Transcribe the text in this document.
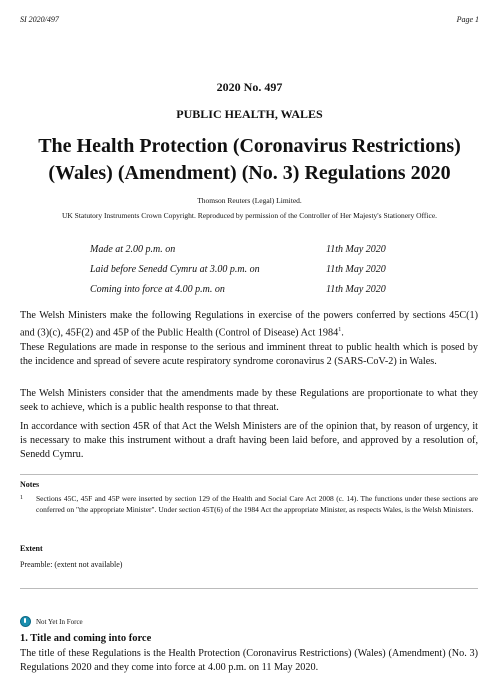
SI 2020/497	Page 1
2020 No. 497
PUBLIC HEALTH, WALES
The Health Protection (Coronavirus Restrictions)
(Wales) (Amendment) (No. 3) Regulations 2020
Thomson Reuters (Legal) Limited.
UK Statutory Instruments Crown Copyright. Reproduced by permission of the Controller of Her Majesty's Stationery Office.
Made at 2.00 p.m. on	11th May 2020
Laid before Senedd Cymru at 3.00 p.m. on	11th May 2020
Coming into force at 4.00 p.m. on	11th May 2020

The Welsh Ministers make the following Regulations in exercise of the powers conferred by sections 45C(1) and (3)(c), 45F(2) and 45P of the Public Health (Control of Disease) Act 1984$^1$.

These Regulations are made in response to the serious and imminent threat to public health which is posed by the incidence and spread of severe acute respiratory syndrome coronavirus 2 (SARS-CoV-2) in Wales.

The Welsh Ministers consider that the amendments made by these Regulations are proportionate to what they seek to achieve, which is a public health response to that threat.

In accordance with section 45R of that Act the Welsh Ministers are of the opinion that, by reason of urgency, it is necessary to make this instrument without a draft having been laid before, and approved by a resolution of, Senedd Cymru.

Notes
1	Sections 45C, 45F and 45P were inserted by section 129 of the Health and Social Care Act 2008 (c. 14). The functions under these sections are conferred on "the appropriate Minister". Under section 45T(6) of the 1984 Act the appropriate Minister, as respects Wales, is the Welsh Ministers.
Extent
Preamble: (extent not available)
Not Yet In Force
1. Title and coming into force

The title of these Regulations is the Health Protection (Coronavirus Restrictions) (Wales) (Amendment) (No. 3) Regulations 2020 and they come into force at 4.00 p.m. on 11 May 2020.
